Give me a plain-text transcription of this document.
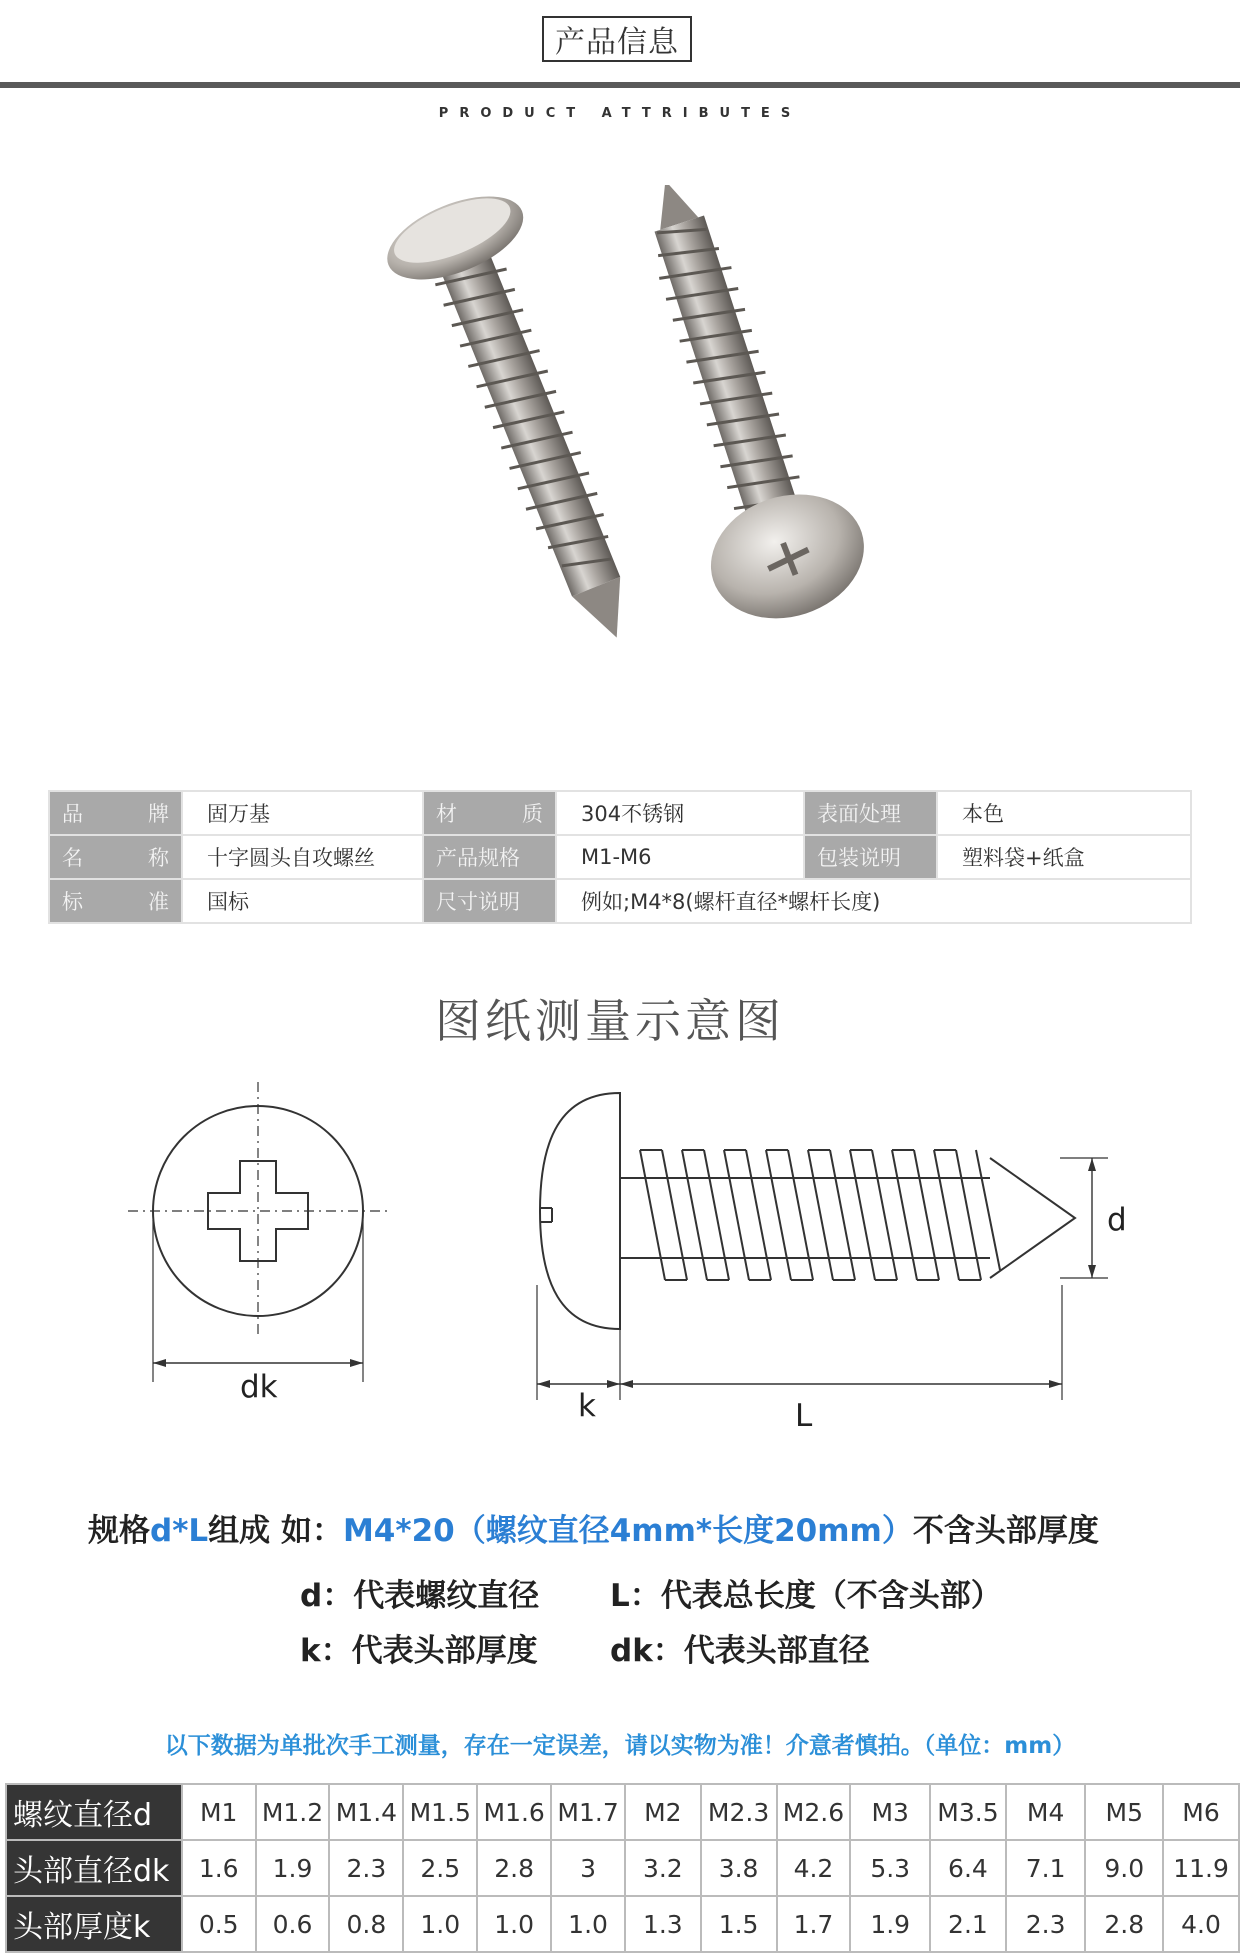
产品信息
PRODUCT ATTRIBUTES
品 牌	固万基	材 质	304不锈钢	表面处理	本色

名 称	十字圆头自攻螺丝	产品规格	M1-M6	包装说明	塑料袋+纸盒

标 准	国标	尺寸说明	例如;M4*8(螺杆直径*螺杆长度)		
图纸测量示意图
dk
k	L
d
规格d*L组成 如：M4*20（螺纹直径4mm*长度20mm）不含头部厚度
d：代表螺纹直径 L：代表总长度（不含头部）
k：代表头部厚度 dk：代表头部直径
以下数据为单批次手工测量，存在一定误差，请以实物为准！介意者慎拍。（单位：mm）
螺纹直径d	M1	M1.2	M1.4	M1.5	M1.6	M1.7	M2	M2.3	M2.6	M3	M3.5	M4	M5	M6
头部直径dk	1.6	1.9	2.3	2.5	2.8	3	3.2	3.8	4.2	5.3	6.4	7.1	9.0	11.9
头部厚度k	0.5	0.6	0.8	1.0	1.0	1.0	1.3	1.5	1.7	1.9	2.1	2.3	2.8	4.0
